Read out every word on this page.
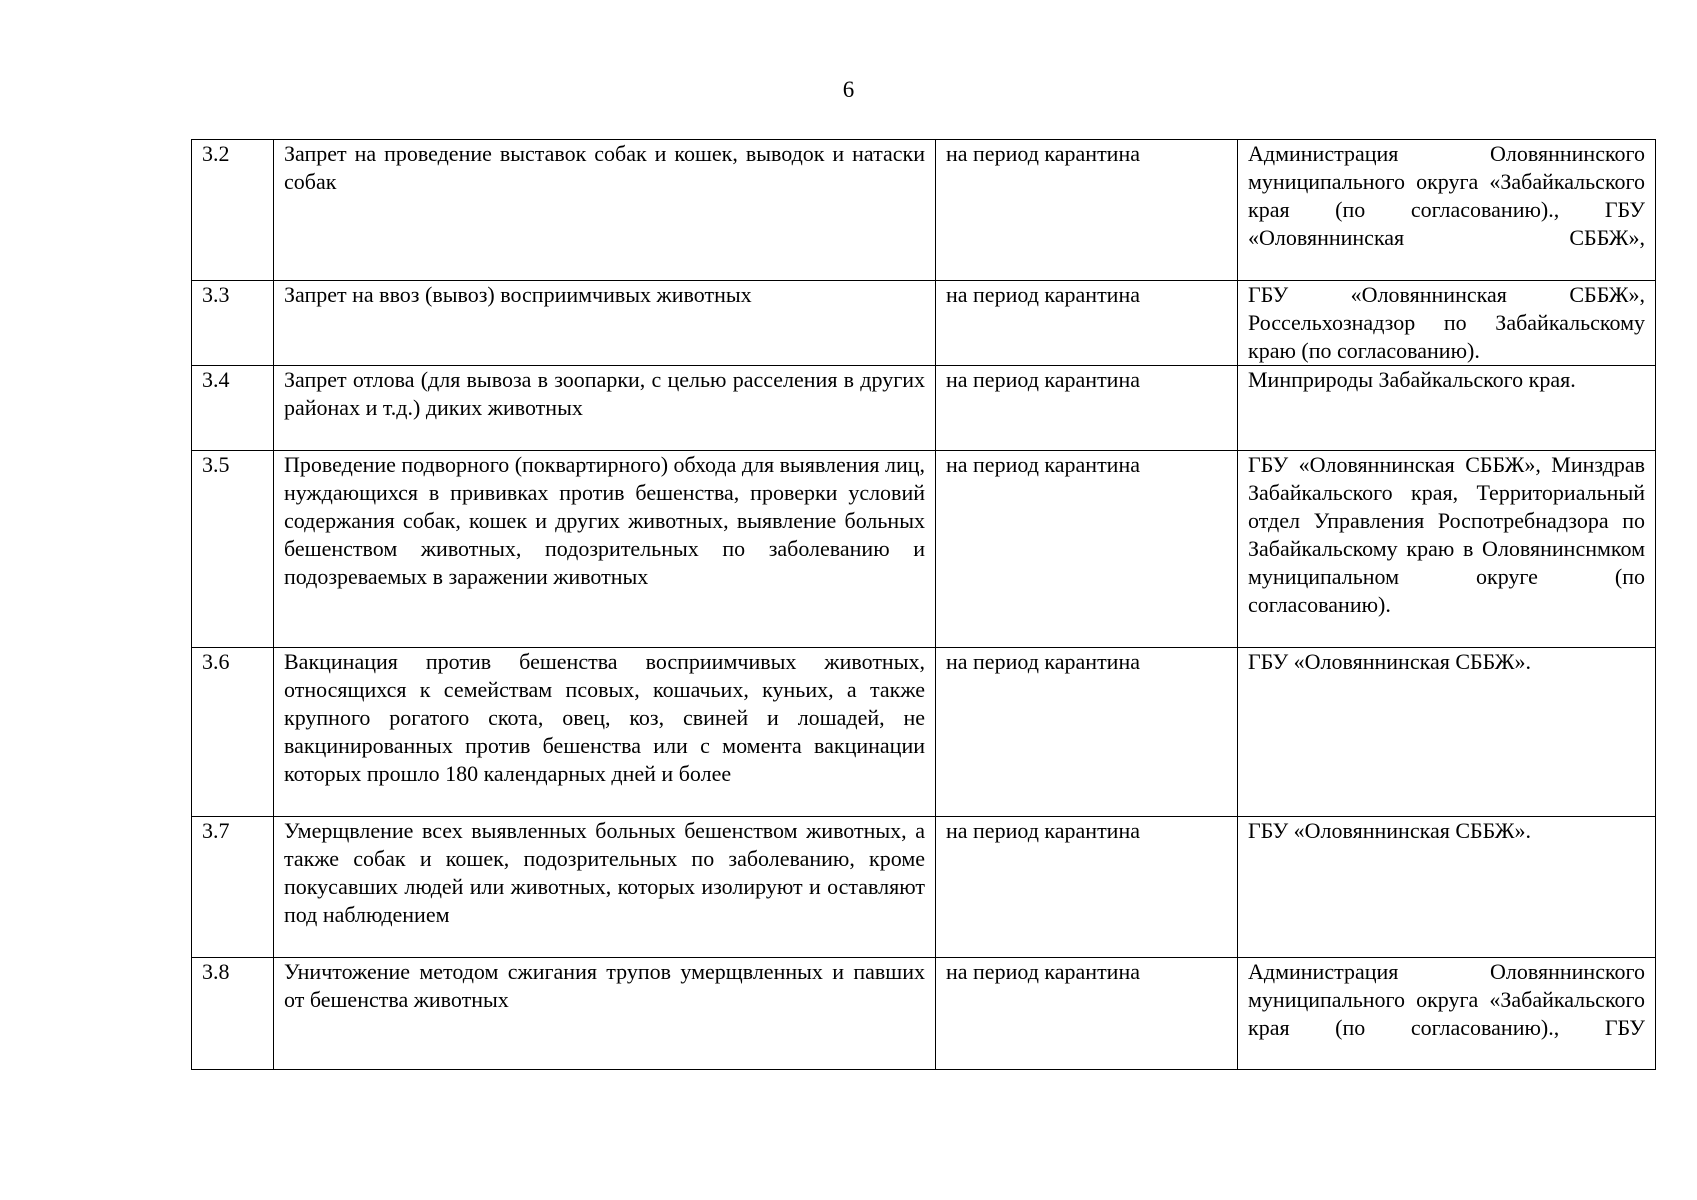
6
3.2	Запрет на проведение выставок собак и кошек, выводок и натаски собак	на период карантина	Администрация Оловяннинского муниципального округа «Забайкальского края (по согласованию)., ГБУ «Оловяннинская СББЖ»,
3.3	Запрет на ввоз (вывоз) восприимчивых животных	на период карантина	ГБУ «Оловяннинская СББЖ», Россельхознадзор по Забайкальскому краю (по согласованию).
3.4	Запрет отлова (для вывоза в зоопарки, с целью расселения в других районах и т.д.) диких животных	на период карантина	Минприроды Забайкальского края.
3.5	Проведение подворного (поквартирного) обхода для выявления лиц, нуждающихся в прививках против бешенства, проверки условий содержания собак, кошек и других животных, выявление больных бешенством животных, подозрительных по заболеванию и подозреваемых в заражении животных	на период карантина	ГБУ «Оловяннинская СББЖ», Минздрав Забайкальского края, Территориальный отдел Управления Роспотребнадзора по Забайкальскому краю в Оловянинснмком муниципальном округе (по согласованию).
3.6	Вакцинация против бешенства восприимчивых животных, относящихся к семействам псовых, кошачьих, куньих, а также крупного рогатого скота, овец, коз, свиней и лошадей, не вакцинированных против бешенства или с момента вакцинации которых прошло 180 календарных дней и более	на период карантина	ГБУ «Оловяннинская СББЖ».
3.7	Умерщвление всех выявленных больных бешенством животных, а также собак и кошек, подозрительных по заболеванию, кроме покусавших людей или животных, которых изолируют и оставляют под наблюдением	на период карантина	ГБУ «Оловяннинская СББЖ».
3.8	Уничтожение методом сжигания трупов умерщвленных и павших от бешенства животных	на период карантина	Администрация Оловяннинского муниципального округа «Забайкальского края (по согласованию)., ГБУ
